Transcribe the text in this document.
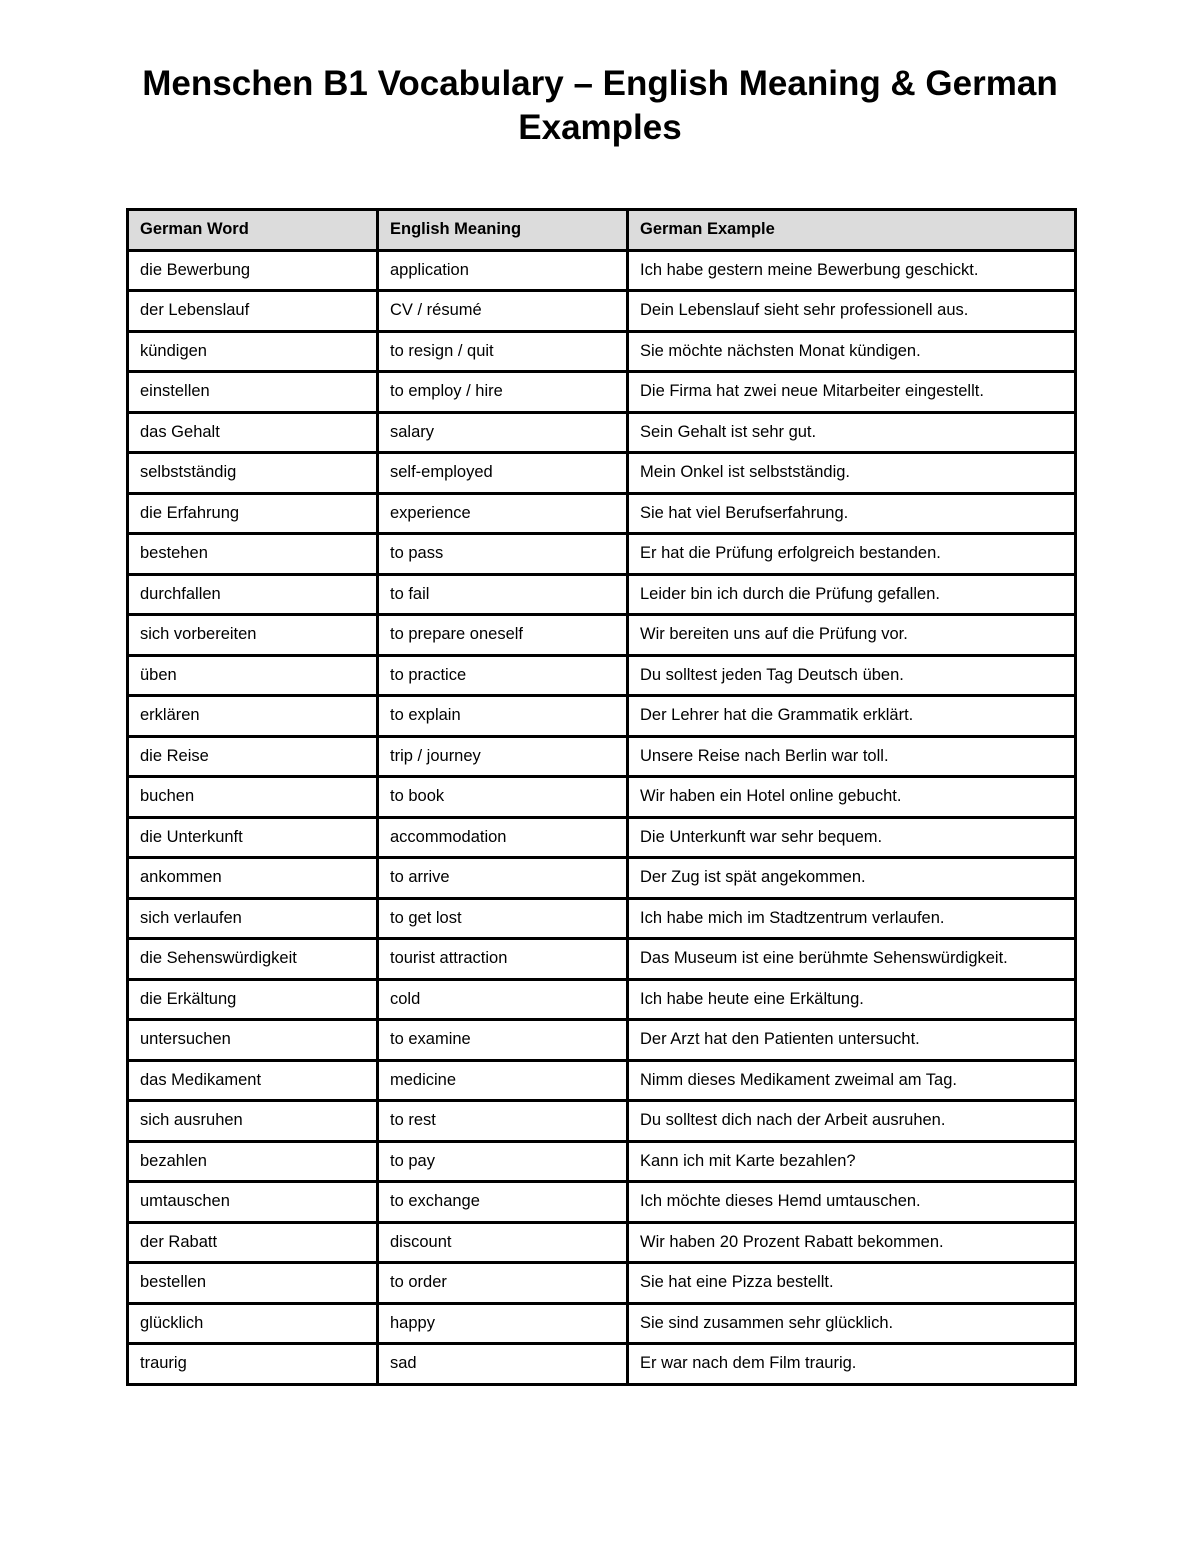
Menschen B1 Vocabulary – English Meaning & German Examples
German Word	English Meaning	German Example
die Bewerbung	application	Ich habe gestern meine Bewerbung geschickt.
der Lebenslauf	CV / résumé	Dein Lebenslauf sieht sehr professionell aus.
kündigen	to resign / quit	Sie möchte nächsten Monat kündigen.
einstellen	to employ / hire	Die Firma hat zwei neue Mitarbeiter eingestellt.
das Gehalt	salary	Sein Gehalt ist sehr gut.
selbstständig	self-employed	Mein Onkel ist selbstständig.
die Erfahrung	experience	Sie hat viel Berufserfahrung.
bestehen	to pass	Er hat die Prüfung erfolgreich bestanden.
durchfallen	to fail	Leider bin ich durch die Prüfung gefallen.
sich vorbereiten	to prepare oneself	Wir bereiten uns auf die Prüfung vor.
üben	to practice	Du solltest jeden Tag Deutsch üben.
erklären	to explain	Der Lehrer hat die Grammatik erklärt.
die Reise	trip / journey	Unsere Reise nach Berlin war toll.
buchen	to book	Wir haben ein Hotel online gebucht.
die Unterkunft	accommodation	Die Unterkunft war sehr bequem.
ankommen	to arrive	Der Zug ist spät angekommen.
sich verlaufen	to get lost	Ich habe mich im Stadtzentrum verlaufen.
die Sehenswürdigkeit	tourist attraction	Das Museum ist eine berühmte Sehenswürdigkeit.
die Erkältung	cold	Ich habe heute eine Erkältung.
untersuchen	to examine	Der Arzt hat den Patienten untersucht.
das Medikament	medicine	Nimm dieses Medikament zweimal am Tag.
sich ausruhen	to rest	Du solltest dich nach der Arbeit ausruhen.
bezahlen	to pay	Kann ich mit Karte bezahlen?
umtauschen	to exchange	Ich möchte dieses Hemd umtauschen.
der Rabatt	discount	Wir haben 20 Prozent Rabatt bekommen.
bestellen	to order	Sie hat eine Pizza bestellt.
glücklich	happy	Sie sind zusammen sehr glücklich.
traurig	sad	Er war nach dem Film traurig.
